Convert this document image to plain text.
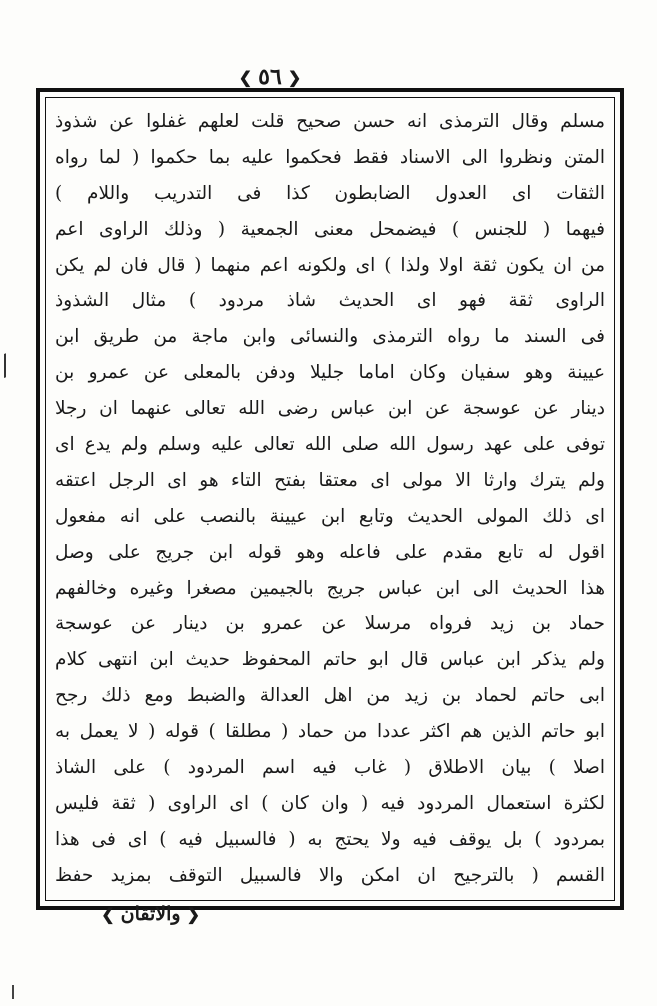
❮ ٥٦ ❯
مسلم وقال الترمذى انه حسن صحيح قلت لعلهم غفلوا عن شذوذ
المتن ونظروا الى الاسناد فقط فحكموا عليه بما حكموا ( لما رواه
الثقات اى العدول الضابطون كذا فى التدريب واللام )
فيهما ( للجنس ) فيضمحل معنى الجمعية ( وذلك الراوى اعم
من ان يكون ثقة اولا ولذا ) اى ولكونه اعم منهما ( قال فان لم يكن
الراوى ثقة فهو اى الحديث شاذ مردود ) مثال الشذوذ
فى السند ما رواه الترمذى والنسائى وابن ماجة من طريق ابن
عيينة وهو سفيان وكان اماما جليلا ودفن بالمعلى عن عمرو بن
دينار عن عوسجة عن ابن عباس رضى الله تعالى عنهما ان رجلا
توفى على عهد رسول الله صلى الله تعالى عليه وسلم ولم يدع اى
ولم يترك وارثا الا مولى اى معتقا بفتح التاء هو اى الرجل اعتقه
اى ذلك المولى الحديث وتابع ابن عيينة بالنصب على انه مفعول
اقول له تابع مقدم على فاعله وهو قوله ابن جريج على وصل
هذا الحديث الى ابن عباس جريج بالجيمين مصغرا وغيره وخالفهم
حماد بن زيد فرواه مرسلا عن عمرو بن دينار عن عوسجة
ولم يذكر ابن عباس قال ابو حاتم المحفوظ حديث ابن انتهى كلام
ابى حاتم لحماد بن زيد من اهل العدالة والضبط ومع ذلك رجح
ابو حاتم الذين هم اكثر عددا من حماد ( مطلقا ) قوله ( لا يعمل به
اصلا ) بيان الاطلاق ( غاب فيه اسم المردود ) على الشاذ
لكثرة استعمال المردود فيه ( وان كان ) اى الراوى ( ثقة فليس
بمردود ) بل يوقف فيه ولا يحتج به ( فالسبيل فيه ) اى فى هذا
القسم ( بالترجيح ان امكن والا فالسبيل التوقف بمزيد حفظ
❮
والاتقان
❯
